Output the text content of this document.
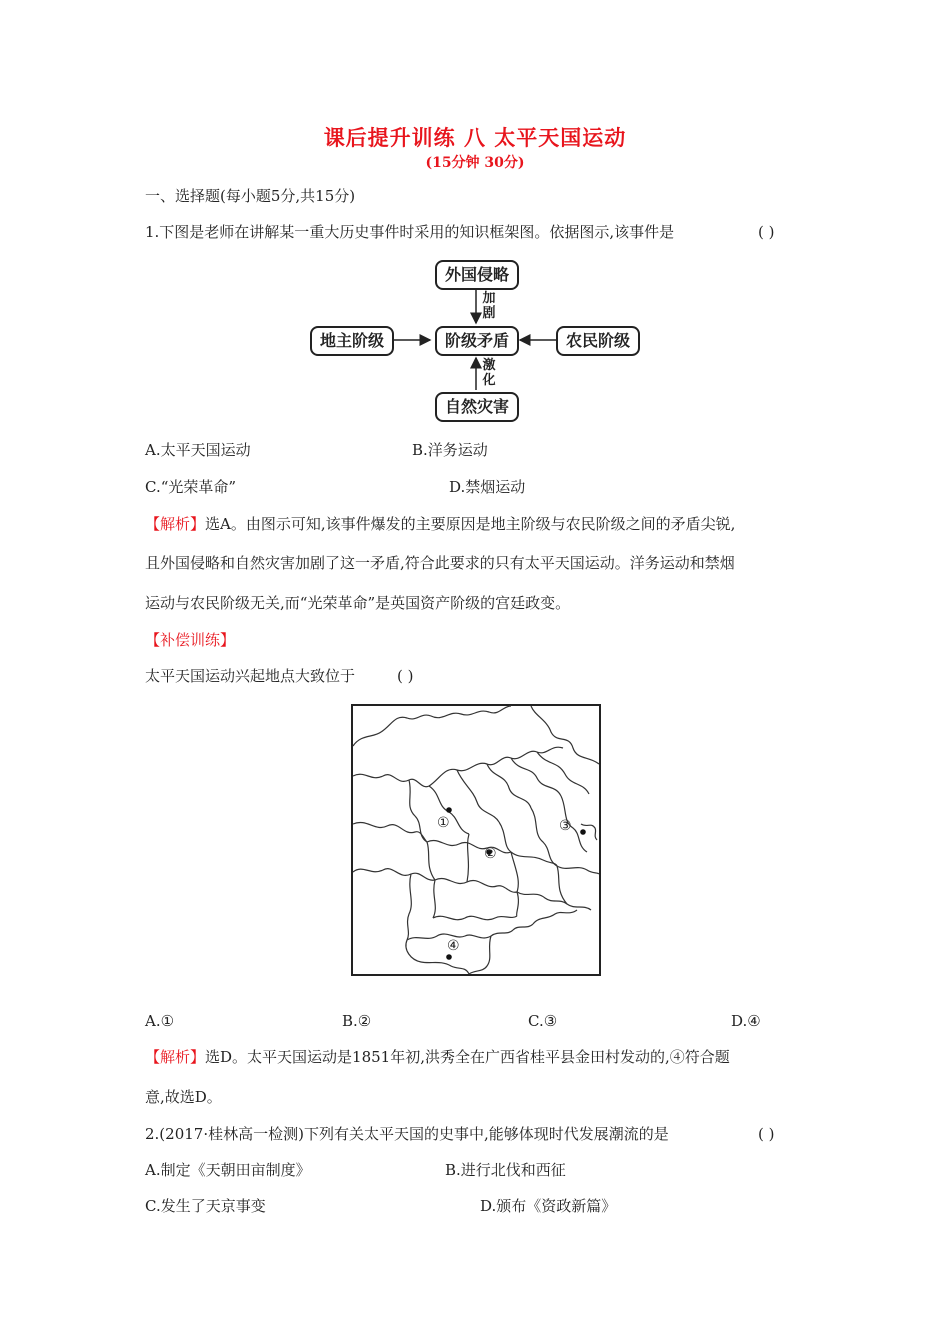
课后提升训练 八 太平天国运动
(15分钟 30分)
一、选择题(每小题5分,共15分)
1.下图是老师在讲解某一重大历史事件时采用的知识框架图。依据图示,该事件是	( )
外国侵略
地主阶级	阶级矛盾	农民阶级
自然灾害
加剧
激化
A.太平天国运动	B.洋务运动
C.“光荣革命”	D.禁烟运动
【解析】选A。由图示可知,该事件爆发的主要原因是地主阶级与农民阶级之间的矛盾尖锐,
且外国侵略和自然灾害加剧了这一矛盾,符合此要求的只有太平天国运动。洋务运动和禁烟
运动与农民阶级无关,而“光荣革命”是英国资产阶级的宫廷政变。
【补偿训练】
太平天国运动兴起地点大致位于	( )
①
②
③
④
A.①	B.②	C.③	D.④
【解析】选D。太平天国运动是1851年初,洪秀全在广西省桂平县金田村发动的,④符合题
意,故选D。
2.(2017·桂林高一检测)下列有关太平天国的史事中,能够体现时代发展潮流的是	( )
A.制定《天朝田亩制度》	B.进行北伐和西征
C.发生了天京事变	D.颁布《资政新篇》
